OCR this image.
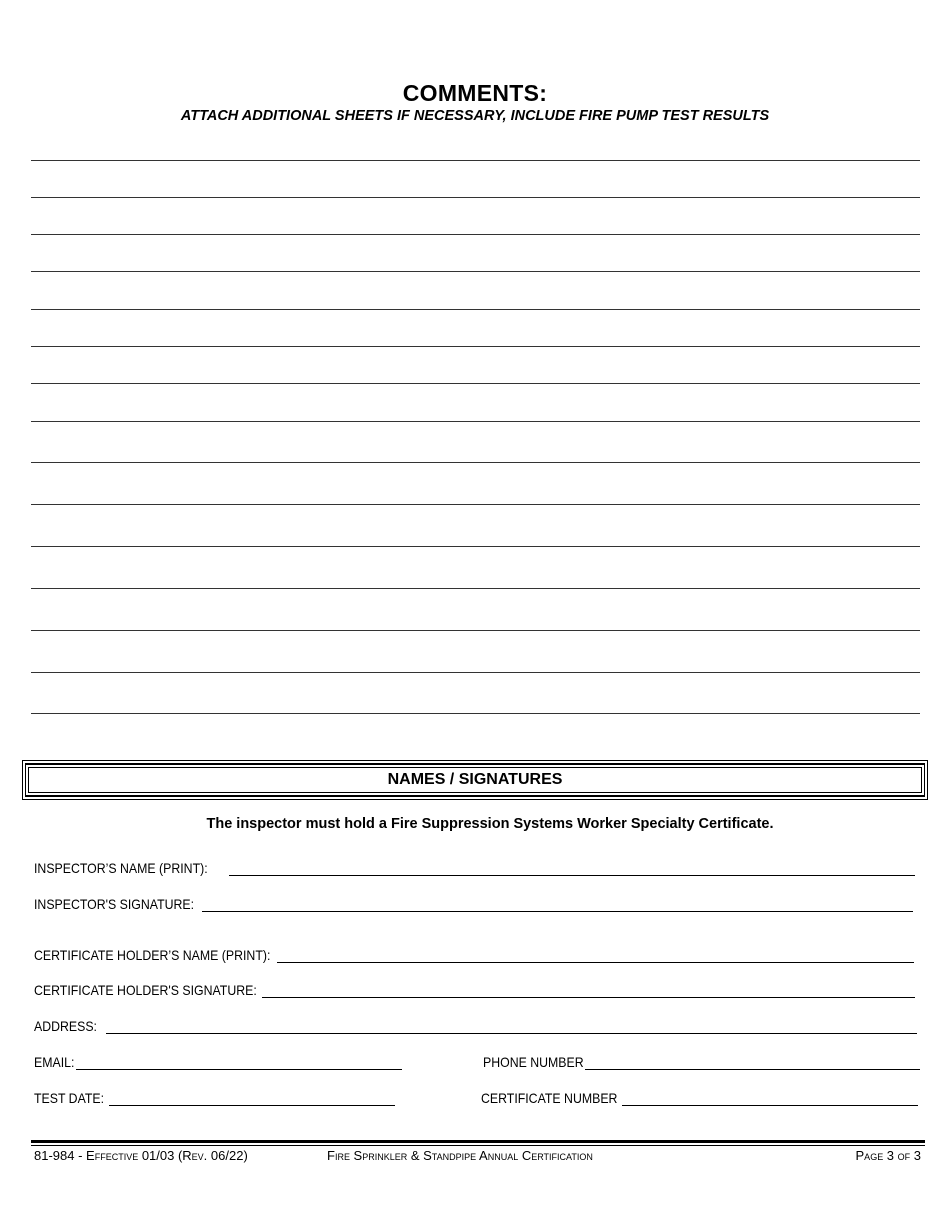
COMMENTS:
ATTACH ADDITIONAL SHEETS IF NECESSARY, INCLUDE FIRE PUMP TEST RESULTS
NAMES / SIGNATURES
The inspector must hold a Fire Suppression Systems Worker Specialty Certificate.
INSPECTOR’S NAME (PRINT):
INSPECTOR'S SIGNATURE:
CERTIFICATE HOLDER’S NAME (PRINT):
CERTIFICATE HOLDER'S SIGNATURE:
ADDRESS:
EMAIL:	PHONE NUMBER
TEST DATE:	CERTIFICATE NUMBER
81-984 - Effective 01/03 (Rev. 06/22)	Fire Sprinkler & Standpipe Annual Certification	Page 3 of 3
